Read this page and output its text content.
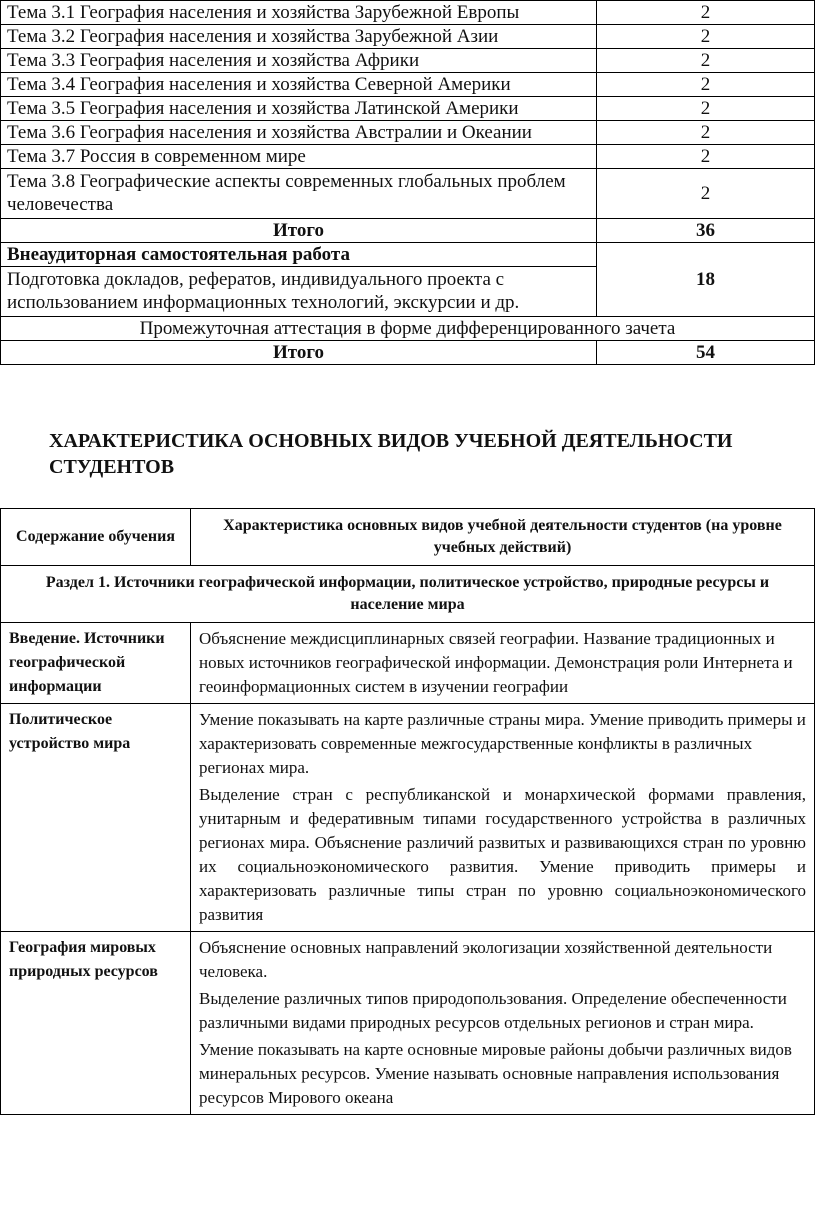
Тема 3.1 География населения и хозяйства Зарубежной Европы	2
Тема 3.2 География населения и хозяйства Зарубежной Азии	2
Тема 3.3 География населения и хозяйства Африки	2
Тема 3.4 География населения и хозяйства Северной Америки	2
Тема 3.5 География населения и хозяйства Латинской Америки	2
Тема 3.6 География населения и хозяйства Австралии и Океании	2
Тема 3.7 Россия в современном мире	2
Тема 3.8 Географические аспекты современных глобальных проблем человечества	2
Итого	36
Внеаудиторная самостоятельная работа	18
Подготовка докладов, рефератов, индивидуального проекта с использованием информационных технологий, экскурсии и др.	
Промежуточная аттестация в форме дифференцированного зачета	
Итого	54
ХАРАКТЕРИСТИКА ОСНОВНЫХ ВИДОВ УЧЕБНОЙ ДЕЯТЕЛЬНОСТИ СТУДЕНТОВ
Содержание обучения	Характеристика основных видов учебной деятельности студентов (на уровне учебных действий)
Раздел 1. Источники географической информации, политическое устройство, природные ресурсы и население мира	
Введение. Источники географической информации	Объяснение междисциплинарных связей географии. Название традиционных и новых источников географической информации. Демонстрация роли Интернета и геоинформационных систем в изучении географии

Политическое устройство мира	Умение показывать на карте различные страны мира. Умение приводить примеры и характеризовать современные межгосударственные конфликты в различных регионах мира.

Выделение стран с республиканской и монархической формами правления, унитарным и федеративным типами государственного устройства в различных регионах мира. Объяснение различий развитых и развивающихся стран по уровню их социальноэкономического развития. Умение приводить примеры и характеризовать различные типы стран по уровню социальноэкономического развития

География мировых природных ресурсов	Объяснение основных направлений экологизации хозяйственной деятельности человека.

Выделение различных типов природопользования. Определение обеспеченности различными видами природных ресурсов отдельных регионов и стран мира.

Умение показывать на карте основные мировые районы добычи различных видов минеральных ресурсов. Умение называть основные направления использования ресурсов Мирового океана
